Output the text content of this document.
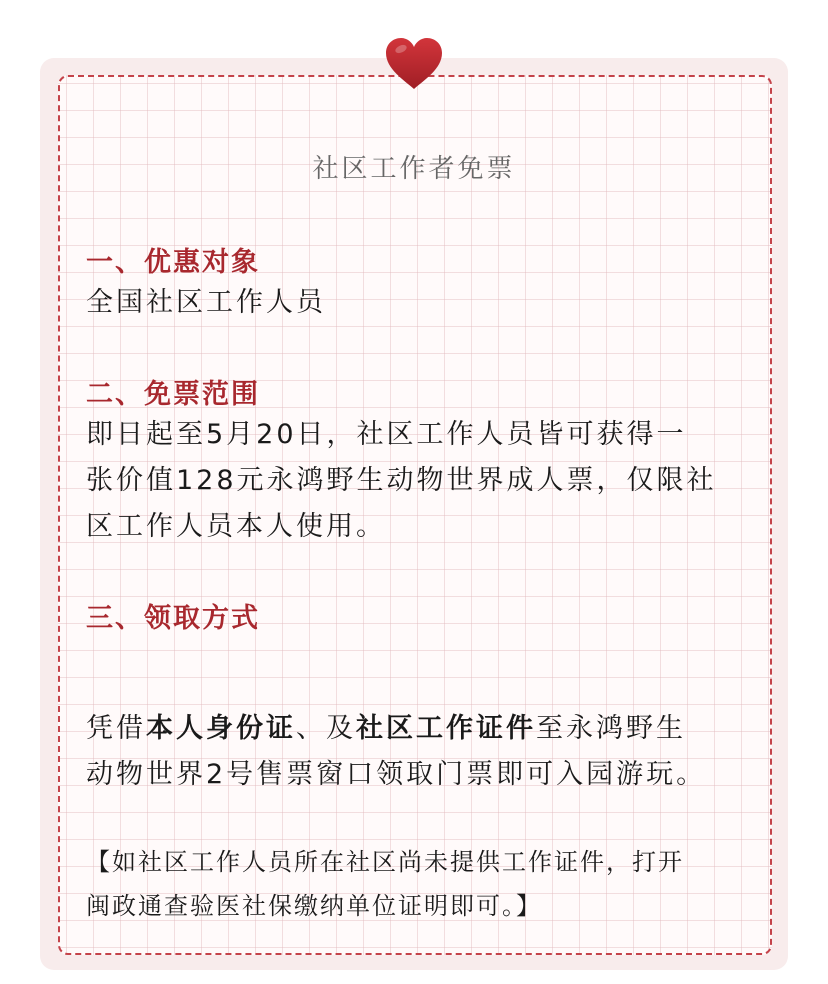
社区工作者免票
一、优惠对象
全国社区工作人员
二、免票范围
即日起至5月20日，社区工作人员皆可获得一
张价值128元永鸿野生动物世界成人票，仅限社
区工作人员本人使用。
三、领取方式
凭借本人身份证、及社区工作证件至永鸿野生
动物世界2号售票窗口领取门票即可入园游玩。
【如社区工作人员所在社区尚未提供工作证件，打开
闽政通查验医社保缴纳单位证明即可。】
